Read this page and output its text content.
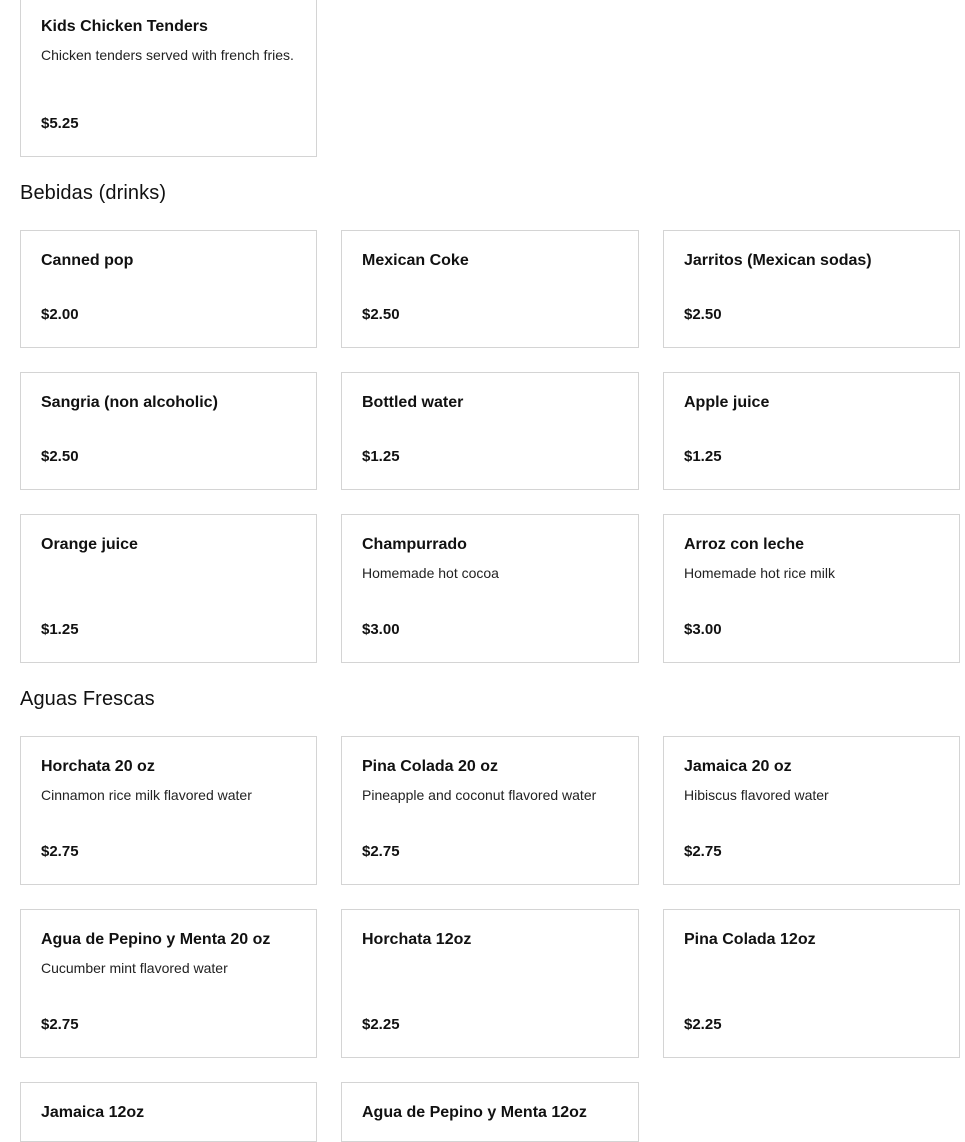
Kids Chicken Tenders
Chicken tenders served with french fries.
$5.25
Bebidas (drinks)
Canned pop
$2.00
Mexican Coke
$2.50
Jarritos (Mexican sodas)
$2.50
Sangria (non alcoholic)
$2.50
Bottled water
$1.25
Apple juice
$1.25
Orange juice
$1.25
Champurrado
Homemade hot cocoa
$3.00
Arroz con leche
Homemade hot rice milk
$3.00
Aguas Frescas
Horchata 20 oz
Cinnamon rice milk flavored water
$2.75
Pina Colada 20 oz
Pineapple and coconut flavored water
$2.75
Jamaica 20 oz
Hibiscus flavored water
$2.75
Agua de Pepino y Menta 20 oz
Cucumber mint flavored water
$2.75
Horchata 12oz
$2.25
Pina Colada 12oz
$2.25
Jamaica 12oz	Agua de Pepino y Menta 12oz
